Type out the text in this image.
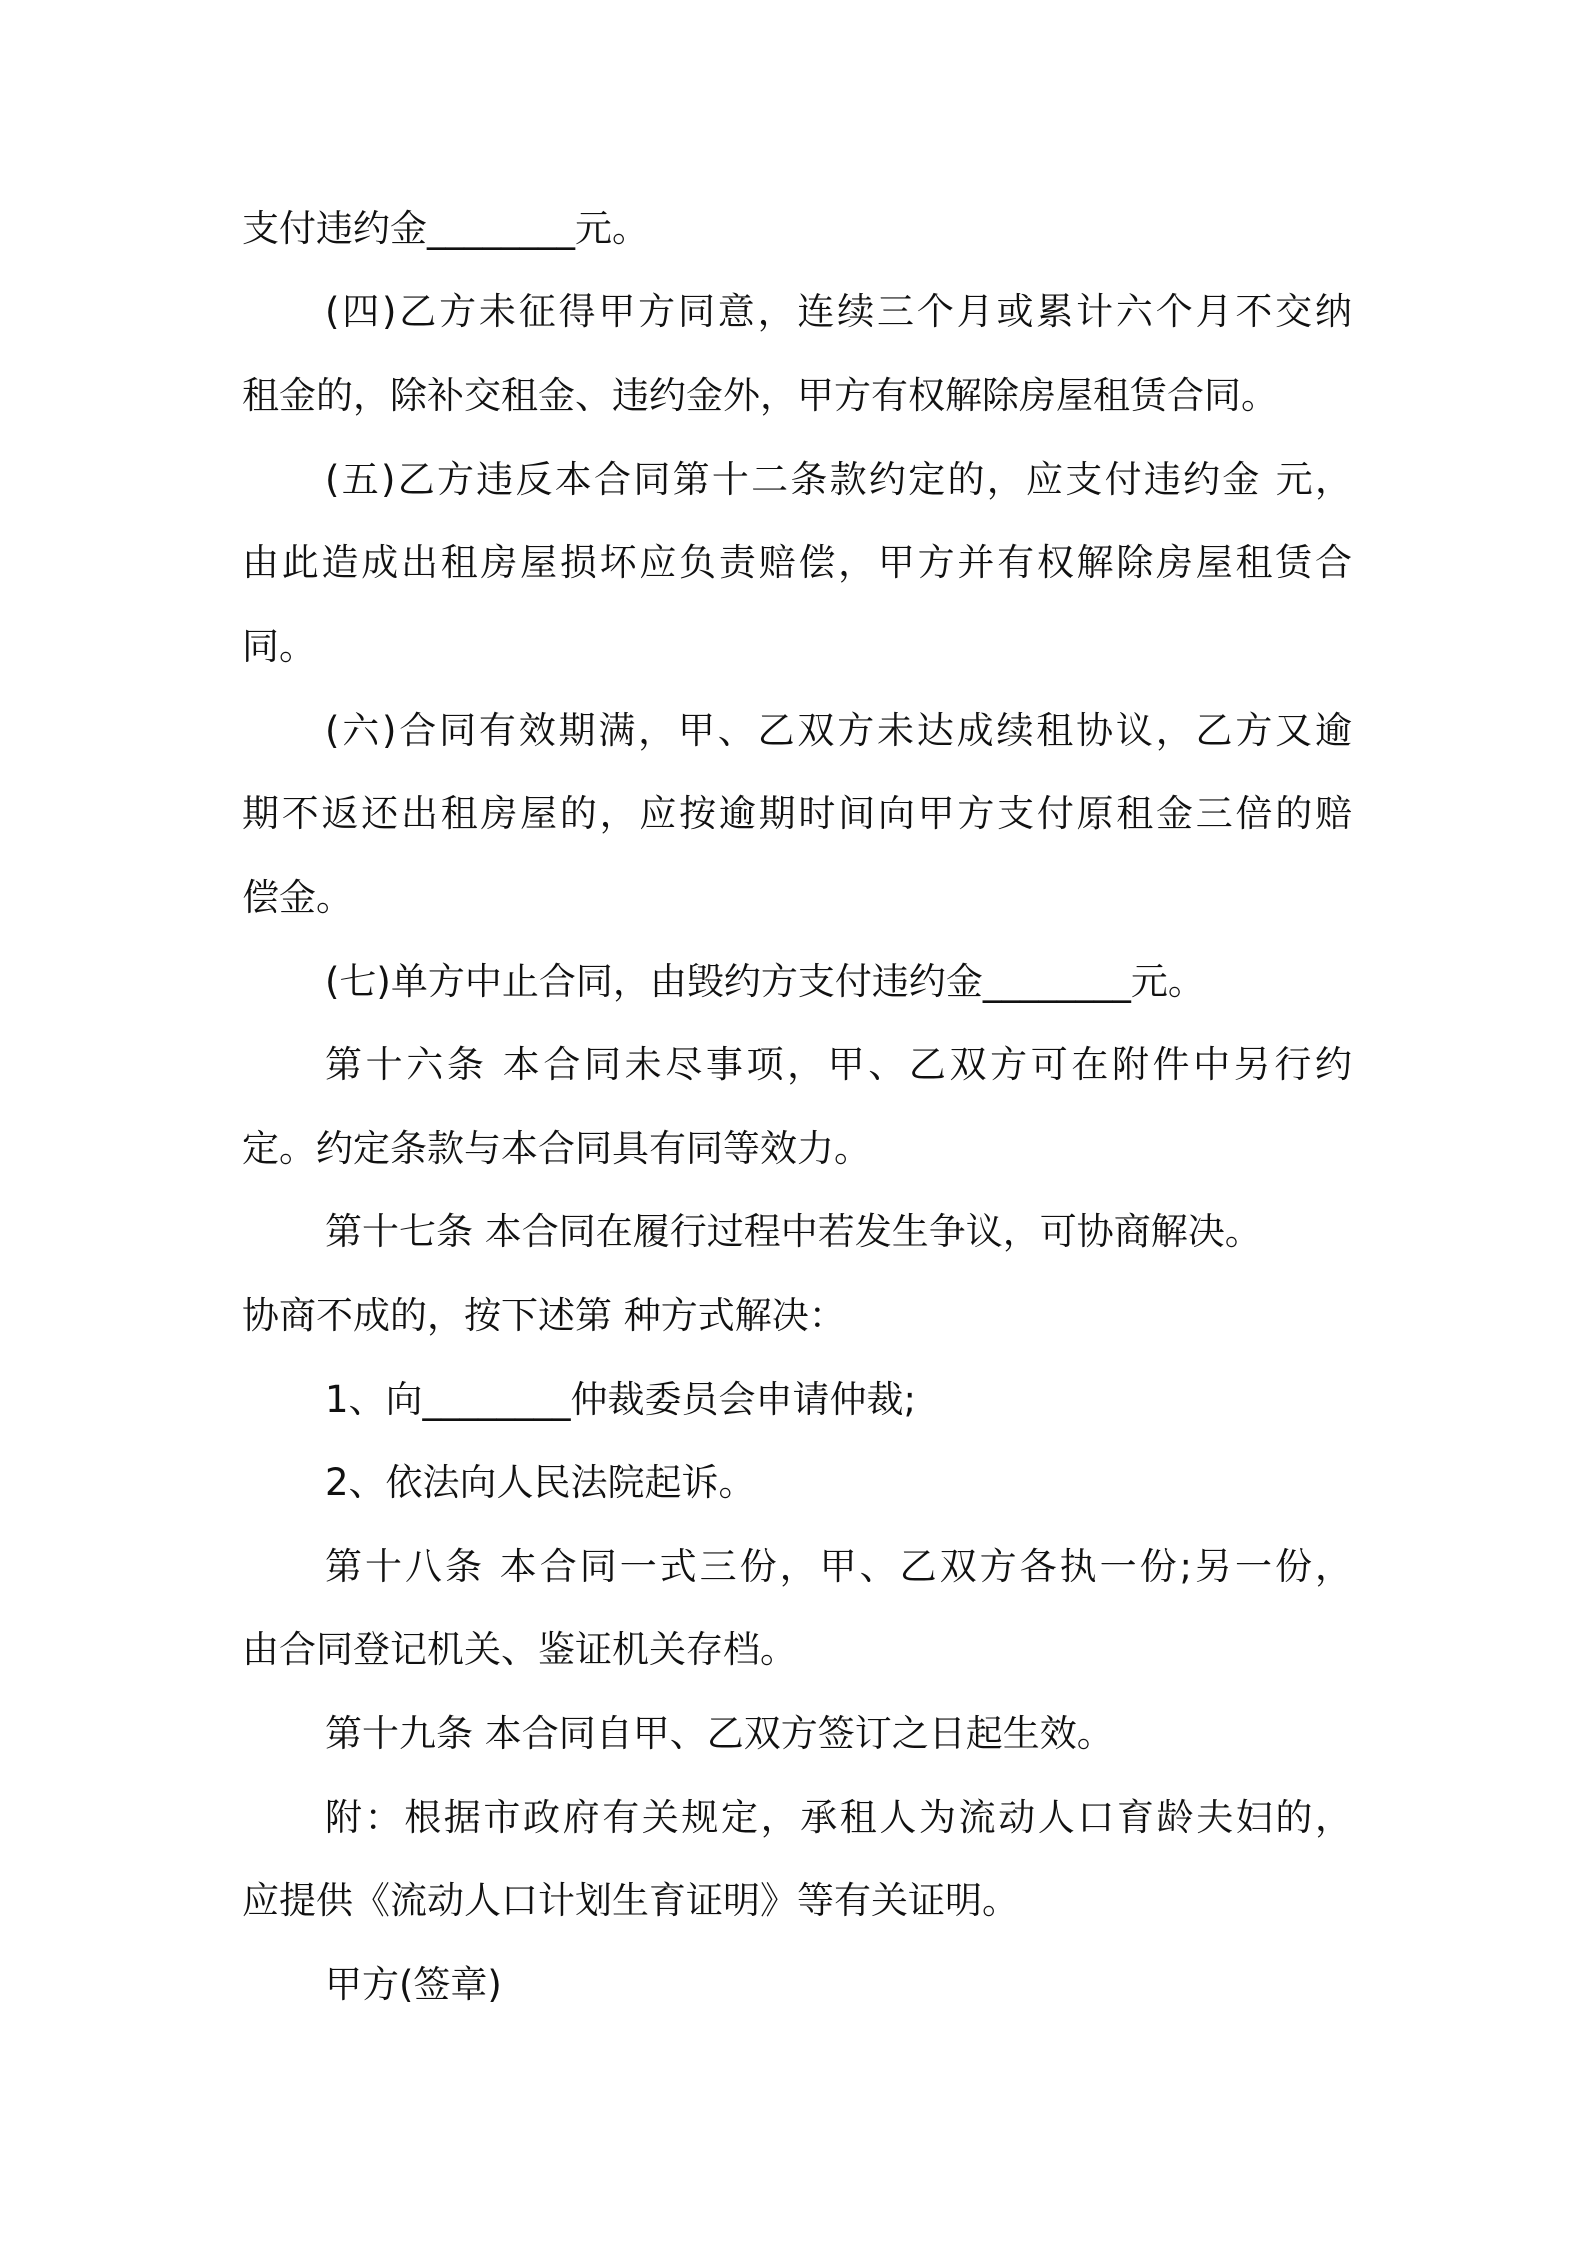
支付违约金________元。
(四)乙方未征得甲方同意，连续三个月或累计六个月不交纳
租金的，除补交租金、违约金外，甲方有权解除房屋租赁合同。
(五)乙方违反本合同第十二条款约定的，应支付违约金 元，
由此造成出租房屋损坏应负责赔偿，甲方并有权解除房屋租赁合
同。
(六)合同有效期满，甲、乙双方未达成续租协议，乙方又逾
期不返还出租房屋的，应按逾期时间向甲方支付原租金三倍的赔
偿金。
(七)单方中止合同，由毁约方支付违约金________元。
第十六条 本合同未尽事项，甲、乙双方可在附件中另行约
定。约定条款与本合同具有同等效力。
第十七条 本合同在履行过程中若发生争议，可协商解决。
协商不成的，按下述第 种方式解决：
1、向________仲裁委员会申请仲裁;
2、依法向人民法院起诉。
第十八条 本合同一式三份，甲、乙双方各执一份;另一份，
由合同登记机关、鉴证机关存档。
第十九条 本合同自甲、乙双方签订之日起生效。
附：根据市政府有关规定，承租人为流动人口育龄夫妇的，
应提供《流动人口计划生育证明》等有关证明。
甲方(签章)
